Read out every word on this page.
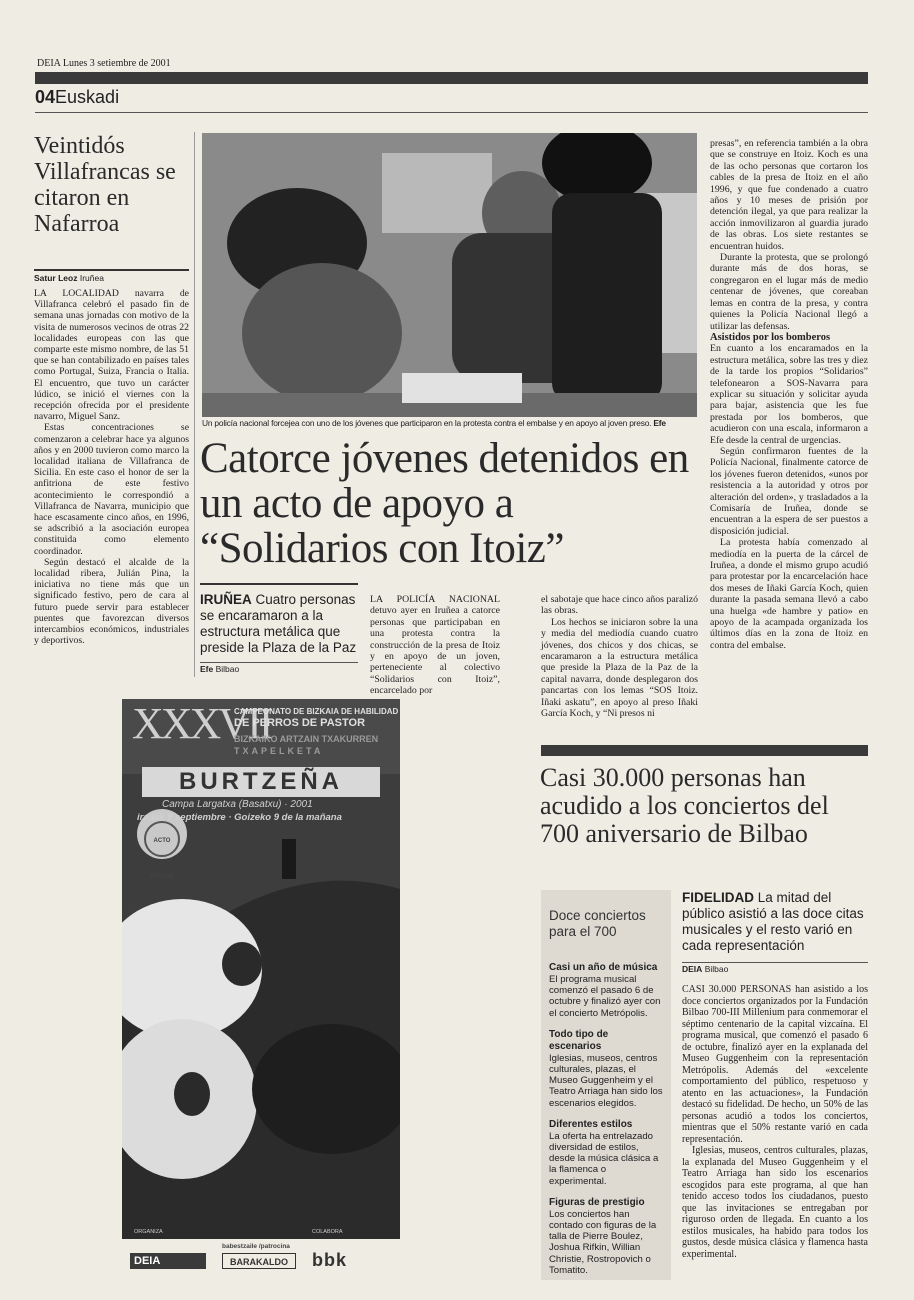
DEIA Lunes 3 setiembre de 2001
04Euskadi
Veintidós Villafrancas se citaron en Nafarroa
Satur Leoz Iruñea

LA LOCALIDAD navarra de Villafranca celebró el pasado fin de semana unas jornadas con motivo de la visita de numerosos vecinos de otras 22 localidades europeas con las que comparte este mismo nombre, de las 51 que se han contabilizado en países tales como Portugal, Suiza, Francia o Italia. El encuentro, que tuvo un carácter lúdico, se inició el viernes con la recepción ofrecida por el presidente navarro, Miguel Sanz.

Estas concentraciones se comenzaron a celebrar hace ya algunos años y en 2000 tuvieron como marco la localidad italiana de Villafranca de Sicilia. En este caso el honor de ser la anfitriona de este festivo acontecimiento le correspondió a Villafranca de Navarra, municipio que hace escasamente cinco años, en 1996, se adscribió a la asociación europea constituida como elemento coordinador.

Según destacó el alcalde de la localidad ribera, Julián Pina, la iniciativa no tiene más que un significado festivo, pero de cara al futuro puede servir para establecer puentes que favorezcan diversos intercambios económicos, industriales y deportivos.

Un policía nacional forcejea con uno de los jóvenes que participaron en la protesta contra el embalse y en apoyo al joven preso. Efe
Catorce jóvenes detenidos en un acto de apoyo a “Solidarios con Itoiz”
IRUÑEA Cuatro personas se encaramaron a la estructura metálica que preside la Plaza de la Paz
Efe Bilbao

LA POLICÍA NACIONAL detuvo ayer en Iruñea a catorce personas que participaban en una protesta contra la construcción de la presa de Itoiz y en apoyo de un joven, perteneciente al colectivo “Solidarios con Itoiz”, encarcelado por

el sabotaje que hace cinco años paralizó las obras.

Los hechos se iniciaron sobre la una y media del mediodía cuando cuatro jóvenes, dos chicos y dos chicas, se encaramaron a la estructura metálica que preside la Plaza de la Paz de la capital navarra, donde desplegaron dos pancartas con los lemas “SOS Itoiz. Iñaki askatu”, en apoyo al preso Iñaki García Koch, y “Ni presos ni

presas”, en referencia también a la obra que se construye en Itoiz. Koch es una de las ocho personas que cortaron los cables de la presa de Itoiz en el año 1996, y que fue condenado a cuatro años y 10 meses de prisión por detención ilegal, ya que para realizar la acción inmovilizaron al guardia jurado de las obras. Los siete restantes se encuentran huidos.

Durante la protesta, que se prolongó durante más de dos horas, se congregaron en el lugar más de medio centenar de jóvenes, que coreaban lemas en contra de la presa, y contra quienes la Policía Nacional llegó a utilizar las defensas.

Asistidos por los bomberos

En cuanto a los encaramados en la estructura metálica, sobre las tres y diez de la tarde los propios “Solidarios” telefonearon a SOS-Navarra para explicar su situación y solicitar ayuda para bajar, asistencia que les fue prestada por los bomberos, que acudieron con una escala, informaron a Efe desde la central de urgencias.

Según confirmaron fuentes de la Policía Nacional, finalmente catorce de los jóvenes fueron detenidos, «unos por resistencia a la autoridad y otros por alteración del orden», y trasladados a la Comisaría de Iruñea, donde se encuentran a la espera de ser puestos a disposición judicial.

La protesta había comenzado al mediodía en la puerta de la cárcel de Iruñea, a donde el mismo grupo acudió para protestar por la encarcelación hace dos meses de Iñaki García Koch, quien durante la pasada semana llevó a cabo una huelga «de hambre y patio» en apoyo de la acampada organizada los últimos días en la zona de Itoiz en contra del embalse.

XXXVII
CAMPEONATO DE BIZKAIA DE HABILIDAD
DE PERROS DE PASTOR
BIZKAIKO ARTZAIN TXAKURREN
TXAPELKETA
BURTZEÑA
Campa Largatxa (Basatxu) · 2001
irailak 9 septiembre · Goizeko 9 de la mañana
ACTO OFICIAL
ORGANIZA	COLABORA
babestzaile /patrocina
DEIA	BARAKALDO	bbk
Casi 30.000 personas han acudido a los conciertos del 700 aniversario de Bilbao
Doce conciertos para el 700
Casi un año de música
El programa musical comenzó el pasado 6 de octubre y finalizó ayer con el concierto Metrópolis.
Todo tipo de escenarios
Iglesias, museos, centros culturales, plazas, el Museo Guggenheim y el Teatro Arriaga han sido los escenarios elegidos.
Diferentes estilos
La oferta ha entrelazado diversidad de estilos, desde la música clásica a la flamenca o experimental.
Figuras de prestigio
Los conciertos han contado con figuras de la talla de Pierre Boulez, Joshua Rifkin, Willian Christie, Rostropovich o Tomatito.
FIDELIDAD La mitad del público asistió a las doce citas musicales y el resto varió en cada representación
DEIA Bilbao

CASI 30.000 PERSONAS han asistido a los doce conciertos organizados por la Fundación Bilbao 700-III Millenium para conmemorar el séptimo centenario de la capital vizcaína. El programa musical, que comenzó el pasado 6 de octubre, finalizó ayer en la explanada del Museo Guggenheim con la representación Metrópolis. Además del «excelente comportamiento del público, respetuoso y atento en las actuaciones», la Fundación destacó su fidelidad. De hecho, un 50% de las personas acudió a todos los conciertos, mientras que el 50% restante varió en cada representación.

Iglesias, museos, centros culturales, plazas, la explanada del Museo Guggenheim y el Teatro Arriaga han sido los escenarios escogidos para este programa, al que han tenido acceso todos los ciudadanos, puesto que las invitaciones se entregaban por riguroso orden de llegada. En cuanto a los estilos musicales, ha habido para todos los gustos, desde música clásica y flamenca hasta experimental.
